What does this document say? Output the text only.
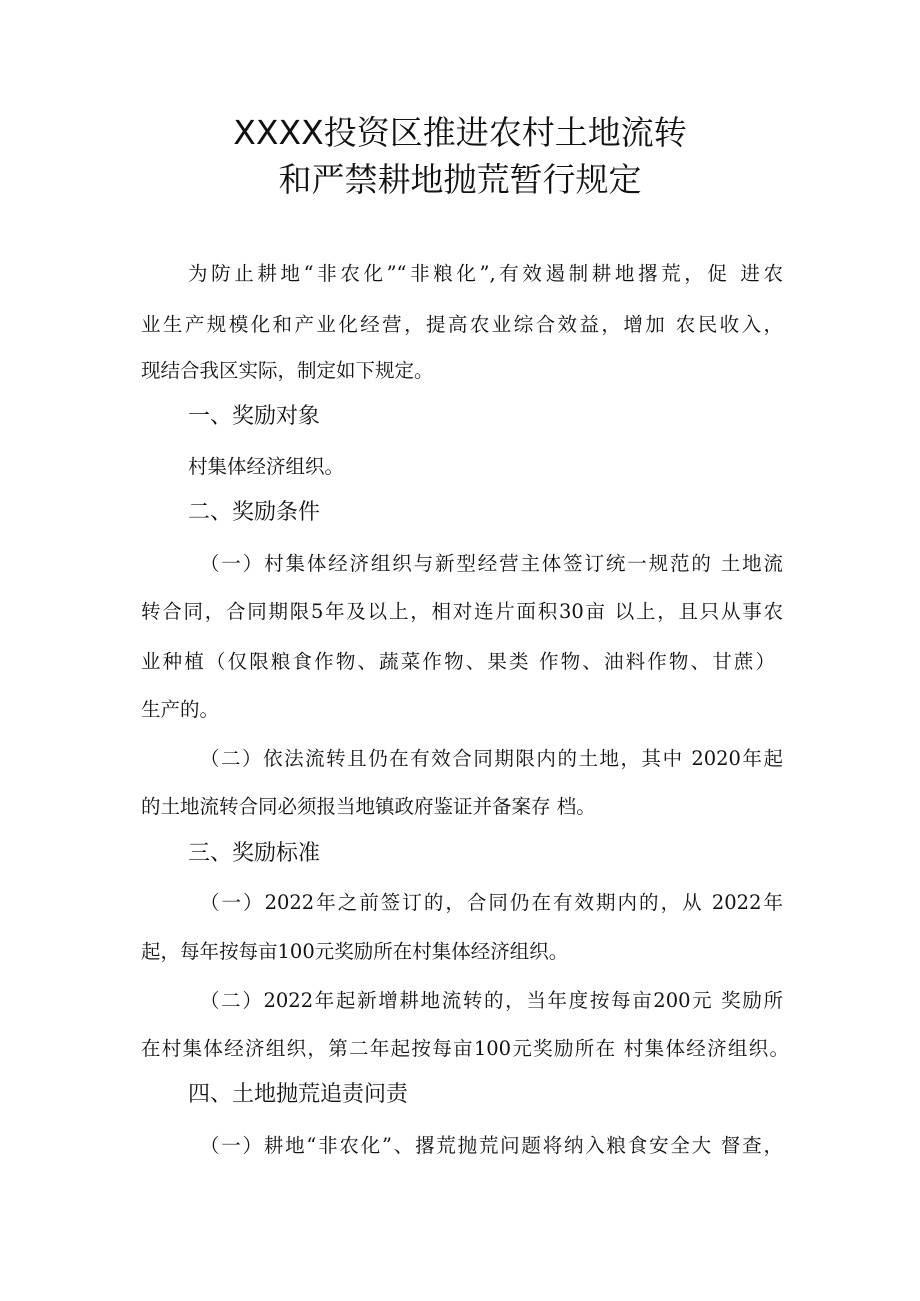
XXXX投资区推进农村土地流转
和严禁耕地抛荒暂行规定
为防止耕地“非农化”“非粮化”,有效遏制耕地撂荒，促 进农
业生产规模化和产业化经营，提高农业综合效益，增加 农民收入，
现结合我区实际，制定如下规定。
一、奖励对象
村集体经济组织。
二、奖励条件
（一）村集体经济组织与新型经营主体签订统一规范的 土地流
转合同，合同期限5年及以上，相对连片面积30亩 以上，且只从事农
业种植（仅限粮食作物、蔬菜作物、果类 作物、油料作物、甘蔗）
生产的。
（二）依法流转且仍在有效合同期限内的土地，其中 2020年起
的土地流转合同必须报当地镇政府鉴证并备案存 档。
三、奖励标准
（一）2022年之前签订的，合同仍在有效期内的，从 2022年
起，每年按每亩100元奖励所在村集体经济组织。
（二）2022年起新增耕地流转的，当年度按每亩200元 奖励所
在村集体经济组织，第二年起按每亩100元奖励所在 村集体经济组织。
四、土地抛荒追责问责
（一）耕地“非农化”、撂荒抛荒问题将纳入粮食安全大 督查，
